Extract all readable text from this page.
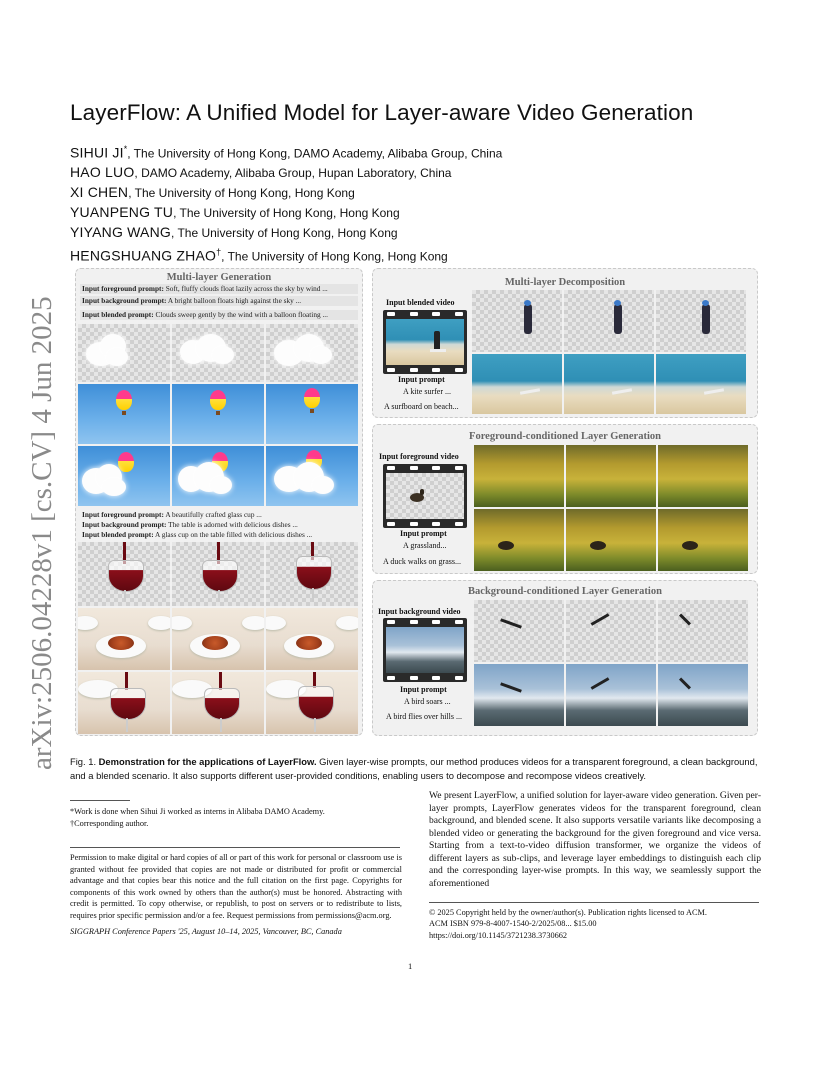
arXiv:2506.04228v1 [cs.CV] 4 Jun 2025
LayerFlow: A Unified Model for Layer-aware Video Generation
SIHUI JI*, The University of Hong Kong, DAMO Academy, Alibaba Group, China
HAO LUO, DAMO Academy, Alibaba Group, Hupan Laboratory, China
XI CHEN, The University of Hong Kong, Hong Kong
YUANPENG TU, The University of Hong Kong, Hong Kong
YIYANG WANG, The University of Hong Kong, Hong Kong
HENGSHUANG ZHAO†, The University of Hong Kong, Hong Kong
Multi-layer Generation
Input foreground prompt: Soft, fluffy clouds float lazily across the sky by wind ...
Input background prompt: A bright balloon floats high against the sky ...
Input blended prompt: Clouds sweep gently by the wind with a balloon floating ...
Input foreground prompt: A beautifully crafted glass cup ...
Input background prompt: The table is adorned with delicious dishes ...
Input blended prompt: A glass cup on the table filled with delicious dishes ...
Multi-layer Decomposition
Input blended video
Input prompt
A kite surfer ...
A surfboard on beach...
Foreground-conditioned Layer Generation
Input foreground video
Input prompt
A grassland...
A duck walks on grass...
Background-conditioned Layer Generation
Input background video
Input prompt
A bird soars ...
A bird flies over hills ...
Fig. 1. Demonstration for the applications of LayerFlow. Given layer-wise prompts, our method produces videos for a transparent foreground, a clean background, and a blended scenario. It also supports different user-provided conditions, enabling users to decompose and recompose videos creatively.
*Work is done when Sihui Ji worked as interns in Alibaba DAMO Academy.
†Corresponding author.
Permission to make digital or hard copies of all or part of this work for personal or classroom use is granted without fee provided that copies are not made or distributed for profit or commercial advantage and that copies bear this notice and the full citation on the first page. Copyrights for components of this work owned by others than the author(s) must be honored. Abstracting with credit is permitted. To copy otherwise, or republish, to post on servers or to redistribute to lists, requires prior specific permission and/or a fee. Request permissions from permissions@acm.org.
SIGGRAPH Conference Papers '25, August 10–14, 2025, Vancouver, BC, Canada
We present LayerFlow, a unified solution for layer-aware video generation. Given per-layer prompts, LayerFlow generates videos for the transparent foreground, clean background, and blended scene. It also supports versatile variants like decomposing a blended video or generating the background for the given foreground and vice versa. Starting from a text-to-video diffusion transformer, we organize the videos of different layers as sub-clips, and leverage layer embeddings to distinguish each clip and the corresponding layer-wise prompts. In this way, we seamlessly support the aforementioned
© 2025 Copyright held by the owner/author(s). Publication rights licensed to ACM.
ACM ISBN 979-8-4007-1540-2/2025/08... $15.00
https://doi.org/10.1145/3721238.3730662
1
